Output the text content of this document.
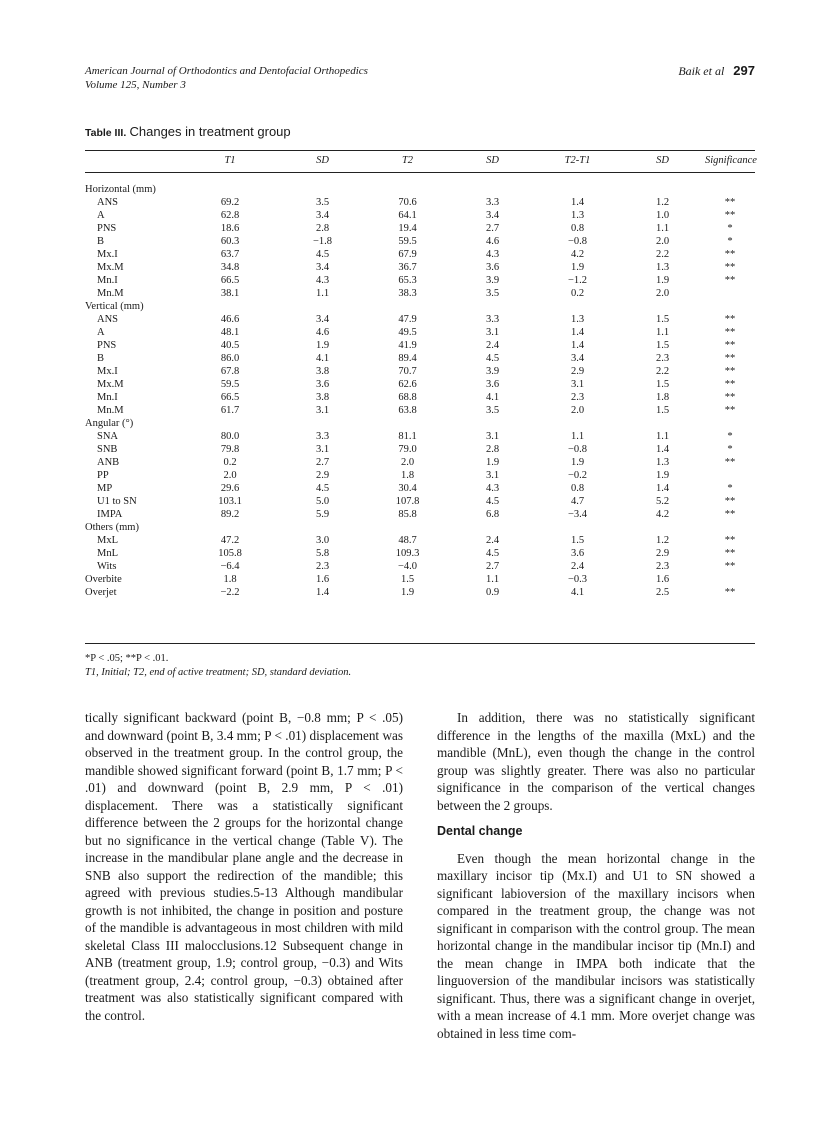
American Journal of Orthodontics and Dentofacial Orthopedics
Volume 125, Number 3
Baik et al 297
Table III. Changes in treatment group
	T1	SD	T2	SD	T2-T1	SD	Significance

Horizontal (mm)							
ANS	69.2	3.5	70.6	3.3	1.4	1.2	**
A	62.8	3.4	64.1	3.4	1.3	1.0	**
PNS	18.6	2.8	19.4	2.7	0.8	1.1	*
B	60.3	−1.8	59.5	4.6	−0.8	2.0	*
Mx.I	63.7	4.5	67.9	4.3	4.2	2.2	**
Mx.M	34.8	3.4	36.7	3.6	1.9	1.3	**
Mn.I	66.5	4.3	65.3	3.9	−1.2	1.9	**
Mn.M	38.1	1.1	38.3	3.5	0.2	2.0	
Vertical (mm)							
ANS	46.6	3.4	47.9	3.3	1.3	1.5	**
A	48.1	4.6	49.5	3.1	1.4	1.1	**
PNS	40.5	1.9	41.9	2.4	1.4	1.5	**
B	86.0	4.1	89.4	4.5	3.4	2.3	**
Mx.I	67.8	3.8	70.7	3.9	2.9	2.2	**
Mx.M	59.5	3.6	62.6	3.6	3.1	1.5	**
Mn.I	66.5	3.8	68.8	4.1	2.3	1.8	**
Mn.M	61.7	3.1	63.8	3.5	2.0	1.5	**
Angular (°)							
SNA	80.0	3.3	81.1	3.1	1.1	1.1	*
SNB	79.8	3.1	79.0	2.8	−0.8	1.4	*
ANB	0.2	2.7	2.0	1.9	1.9	1.3	**
PP	2.0	2.9	1.8	3.1	−0.2	1.9	
MP	29.6	4.5	30.4	4.3	0.8	1.4	*
U1 to SN	103.1	5.0	107.8	4.5	4.7	5.2	**
IMPA	89.2	5.9	85.8	6.8	−3.4	4.2	**
Others (mm)							
MxL	47.2	3.0	48.7	2.4	1.5	1.2	**
MnL	105.8	5.8	109.3	4.5	3.6	2.9	**
Wits	−6.4	2.3	−4.0	2.7	2.4	2.3	**
Overbite	1.8	1.6	1.5	1.1	−0.3	1.6	
Overjet	−2.2	1.4	1.9	0.9	4.1	2.5	**
*P < .05; **P < .01.
T1, Initial; T2, end of active treatment; SD, standard deviation.

tically significant backward (point B, −0.8 mm; P < .05) and downward (point B, 3.4 mm; P < .01) displacement was observed in the treatment group. In the control group, the mandible showed significant forward (point B, 1.7 mm; P < .01) and downward (point B, 2.9 mm, P < .01) displacement. There was a statistically significant difference between the 2 groups for the horizontal change but no significance in the vertical change (Table V). The increase in the mandibular plane angle and the decrease in SNB also support the redirection of the mandible; this agreed with previous studies.5-13 Although mandibular growth is not inhibited, the change in position and posture of the mandible is advantageous in most children with mild skeletal Class III malocclusions.12 Subsequent change in ANB (treatment group, 1.9; control group, −0.3) and Wits (treatment group, 2.4; control group, −0.3) obtained after treatment was also statistically significant compared with the control.

In addition, there was no statistically significant difference in the lengths of the maxilla (MxL) and the mandible (MnL), even though the change in the control group was slightly greater. There was also no particular significance in the comparison of the vertical changes between the 2 groups.

Dental change

Even though the mean horizontal change in the maxillary incisor tip (Mx.I) and U1 to SN showed a significant labioversion of the maxillary incisors when compared in the treatment group, the change was not significant in comparison with the control group. The mean horizontal change in the mandibular incisor tip (Mn.I) and the mean change in IMPA both indicate that the linguoversion of the mandibular incisors was statistically significant. Thus, there was a significant change in overjet, with a mean increase of 4.1 mm. More overjet change was obtained in less time com-
